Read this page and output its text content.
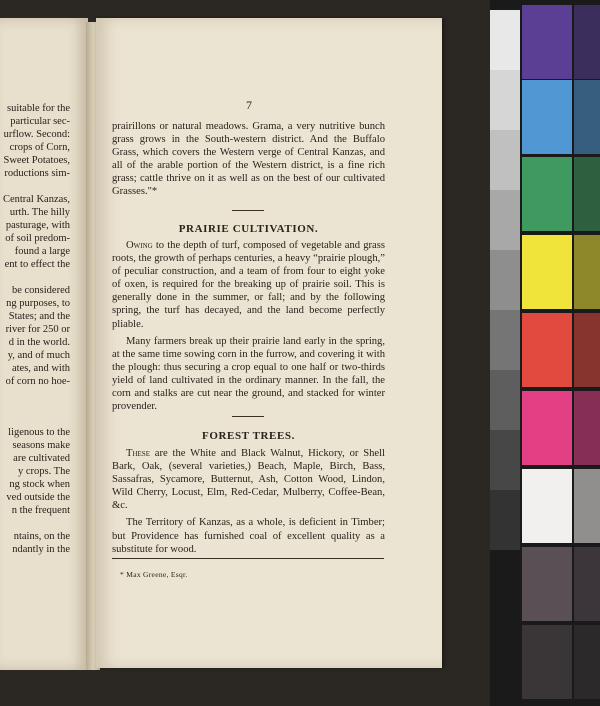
suitable for the
particular sec-
urflow. Second:
crops of Corn,
Sweet Potatoes,
roductions sim-
Central Kanzas,
urth. The hilly
pasturage, with
of soil predom-
found a large
ent to effect the
be considered
ng purposes, to
States; and the
river for 250 or
d in the world.
y, and of much
ates, and with
of corn no hoe-
ligenous to the
seasons make
are cultivated
y crops. The
ng stock when
ved outside the
n the frequent
ntains, on the
ndantly in the
7
prairillons or natural meadows. Grama, a very nutritive bunch grass grows in the South-western district. And the Buffalo Grass, which covers the Western verge of Central Kanzas, and all of the arable portion of the Western district, is a fine rich grass; cattle thrive on it as well as on the best of our cultivated Grasses."*
PRAIRIE CULTIVATION.

Owing to the depth of turf, composed of vegetable and grass roots, the growth of perhaps centuries, a heavy “prairie plough,” of peculiar construction, and a team of from four to eight yoke of oxen, is required for the breaking up of prairie soil. This is generally done in the summer, or fall; and by the following spring, the turf has decayed, and the land become perfectly pliable.

Many farmers break up their prairie land early in the spring, at the same time sowing corn in the furrow, and covering it with the plough: thus securing a crop equal to one half or two-thirds yield of land cultivated in the ordinary manner. In the fall, the corn and stalks are cut near the ground, and stacked for winter provender.

FOREST TREES.

These are the White and Black Walnut, Hickory, or Shell Bark, Oak, (several varieties,) Beach, Maple, Birch, Bass, Sassafras, Sycamore, Butternut, Ash, Cotton Wood, Lindon, Wild Cherry, Locust, Elm, Red-Cedar, Mulberry, Coffee-Bean, &c.

The Territory of Kanzas, as a whole, is deficient in Timber; but Providence has furnished coal of excellent quality as a substitute for wood.

* Max Greene, Esqr.
